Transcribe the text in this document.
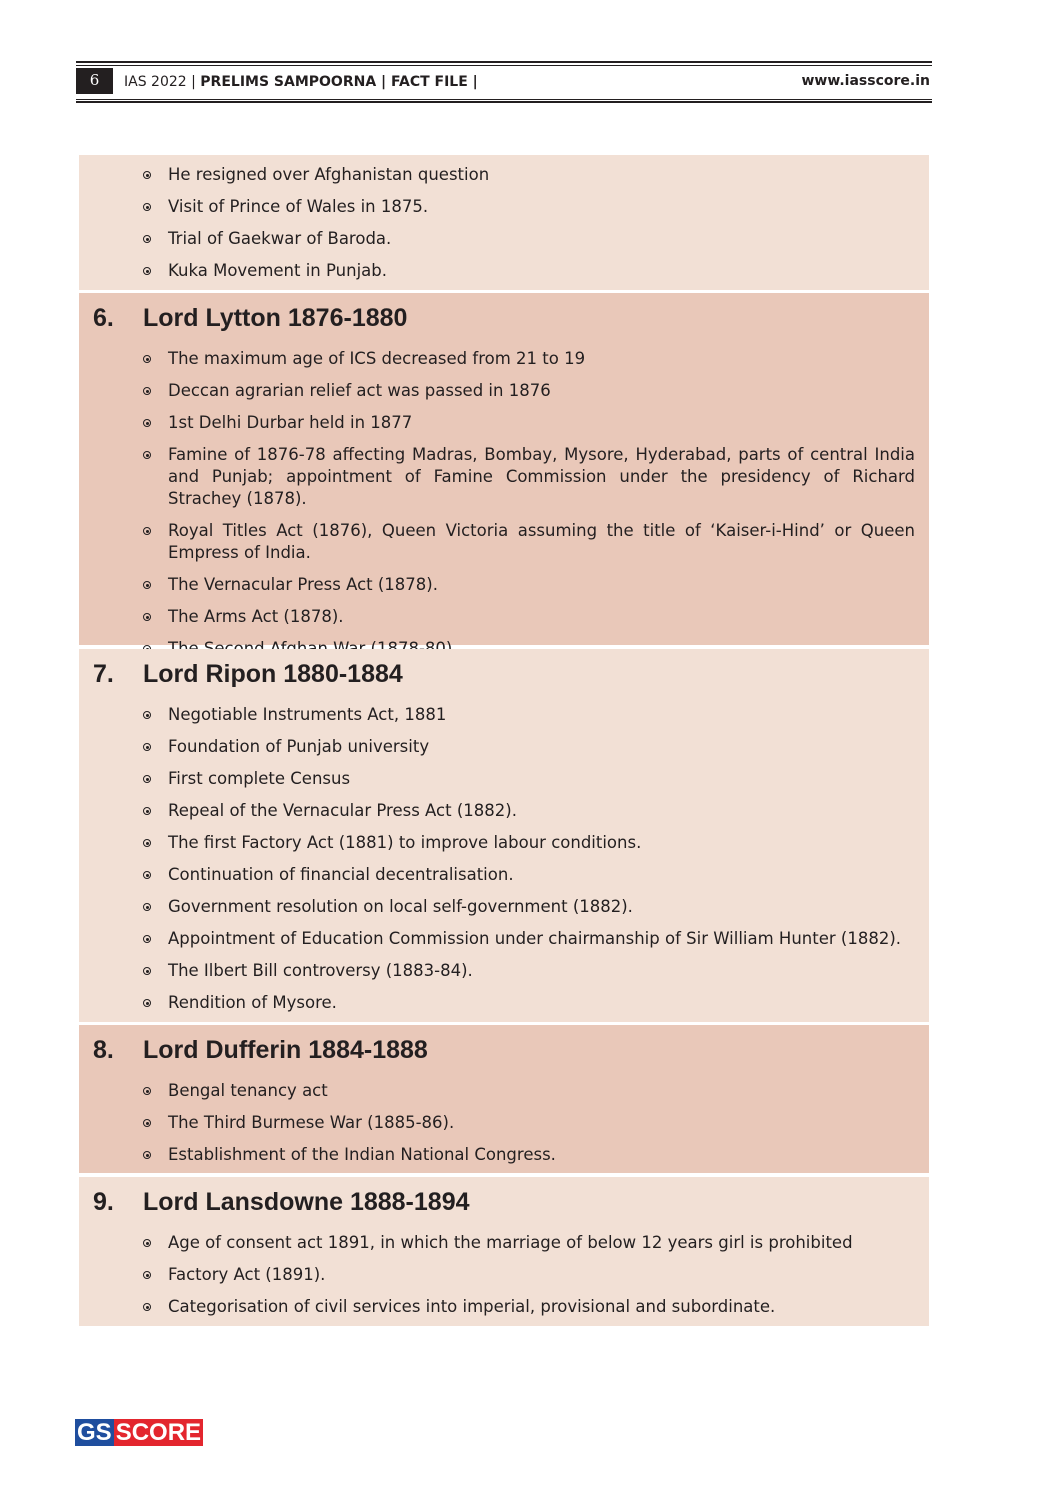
6	IAS 2022 | PRELIMS SAMPOORNA | FACT FILE |	www.iasscore.in
He resigned over Afghanistan question
Visit of Prince of Wales in 1875.
Trial of Gaekwar of Baroda.
Kuka Movement in Punjab.
6. Lord Lytton 1876-1880
The maximum age of ICS decreased from 21 to 19
Deccan agrarian relief act was passed in 1876
1st Delhi Durbar held in 1877
Famine of 1876-78 affecting Madras, Bombay, Mysore, Hyderabad, parts of central India and Punjab; appointment of Famine Commission under the presidency of Richard Strachey (1878).
Royal Titles Act (1876), Queen Victoria assuming the title of ‘Kaiser-i-Hind’ or Queen Empress of India.
The Vernacular Press Act (1878).
The Arms Act (1878).
7. Lord Ripon 1880-1884
Negotiable Instruments Act, 1881
Foundation of Punjab university
First complete Census
Repeal of the Vernacular Press Act (1882).
The first Factory Act (1881) to improve labour conditions.
Continuation of financial decentralisation.
Government resolution on local self-government (1882).
Appointment of Education Commission under chairmanship of Sir William Hunter (1882).
The Ilbert Bill controversy (1883-84).
Rendition of Mysore.
8. Lord Dufferin 1884-1888
Bengal tenancy act
The Third Burmese War (1885-86).
Establishment of the Indian National Congress.
9. Lord Lansdowne 1888-1894
Age of consent act 1891, in which the marriage of below 12 years girl is prohibited
Factory Act (1891).
Categorisation of civil services into imperial, provisional and subordinate.
GS SCORE
